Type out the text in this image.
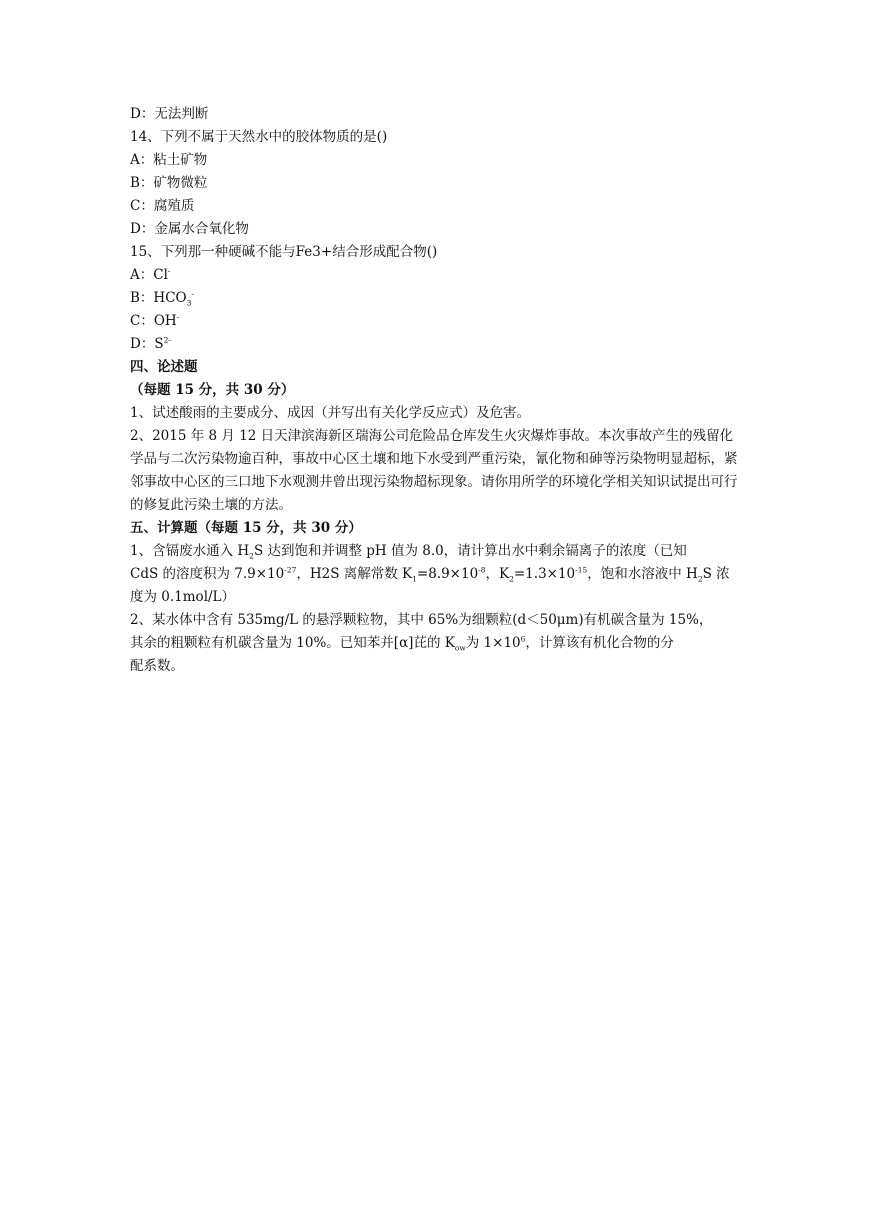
D：无法判断
14、下列不属于天然水中的胶体物质的是()
A：粘土矿物
B：矿物微粒
C：腐殖质
D：金属水合氧化物
15、下列那一种硬碱不能与Fe3+结合形成配合物()
A：Cl-
B：$HCO_3^-$
C：OH-
D：$S^{2-}$
四、论述题
（每题 15 分，共 30 分）
1、试述酸雨的主要成分、成因（并写出有关化学反应式）及危害。
2、2015 年 8 月 12 日天津滨海新区瑞海公司危险品仓库发生火灾爆炸事故。本次事故产生的残留化学品与二次污染物逾百种，事故中心区土壤和地下水受到严重污染，氰化物和砷等污染物明显超标，紧邻事故中心区的三口地下水观测井曾出现污染物超标现象。请你用所学的环境化学相关知识试提出可行的修复此污染土壤的方法。
五、计算题（每题 15 分，共 30 分）
1、含镉废水通入 $H_2S$ 达到饱和并调整 pH 值为 8.0，请计算出水中剩余镉离子的浓度（已知
CdS 的溶度积为 $7.9\times 10^{-27}$，H2S 离解常数 $K_1=8.9\times 10^{-8}$，$K_2=1.3\times 10^{-15}$，饱和水溶液中 $H_2S$ 浓
度为 0.1mol/L）
2、某水体中含有 535mg/L 的悬浮颗粒物，其中 65%为细颗粒(d＜50μm)有机碳含量为 15%，
其余的粗颗粒有机碳含量为 10%。已知苯并[α]芘的 $K_{ow}$为 $1\times 10^6$，计算该有机化合物的分
配系数。
